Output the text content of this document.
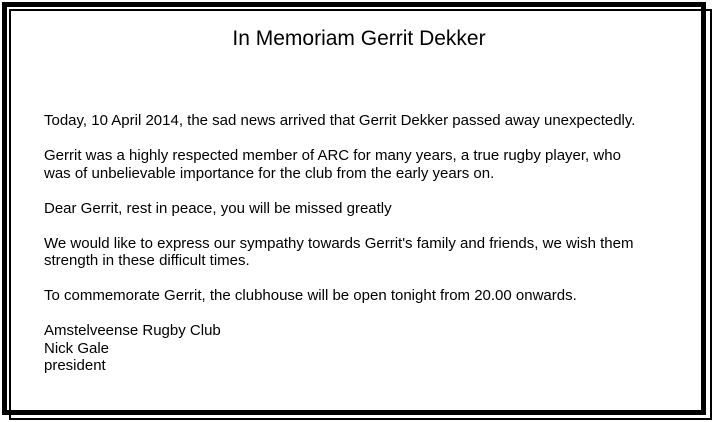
In Memoriam Gerrit Dekker
Today, 10 April 2014, the sad news arrived that Gerrit Dekker passed away unexpectedly.
Gerrit was a highly respected member of ARC for many years, a true rugby player, who
was of unbelievable importance for the club from the early years on.
Dear Gerrit, rest in peace, you will be missed greatly
We would like to express our sympathy towards Gerrit's family and friends, we wish them
strength in these difficult times.
To commemorate Gerrit, the clubhouse will be open tonight from 20.00 onwards.
Amstelveense Rugby Club
Nick Gale
president
